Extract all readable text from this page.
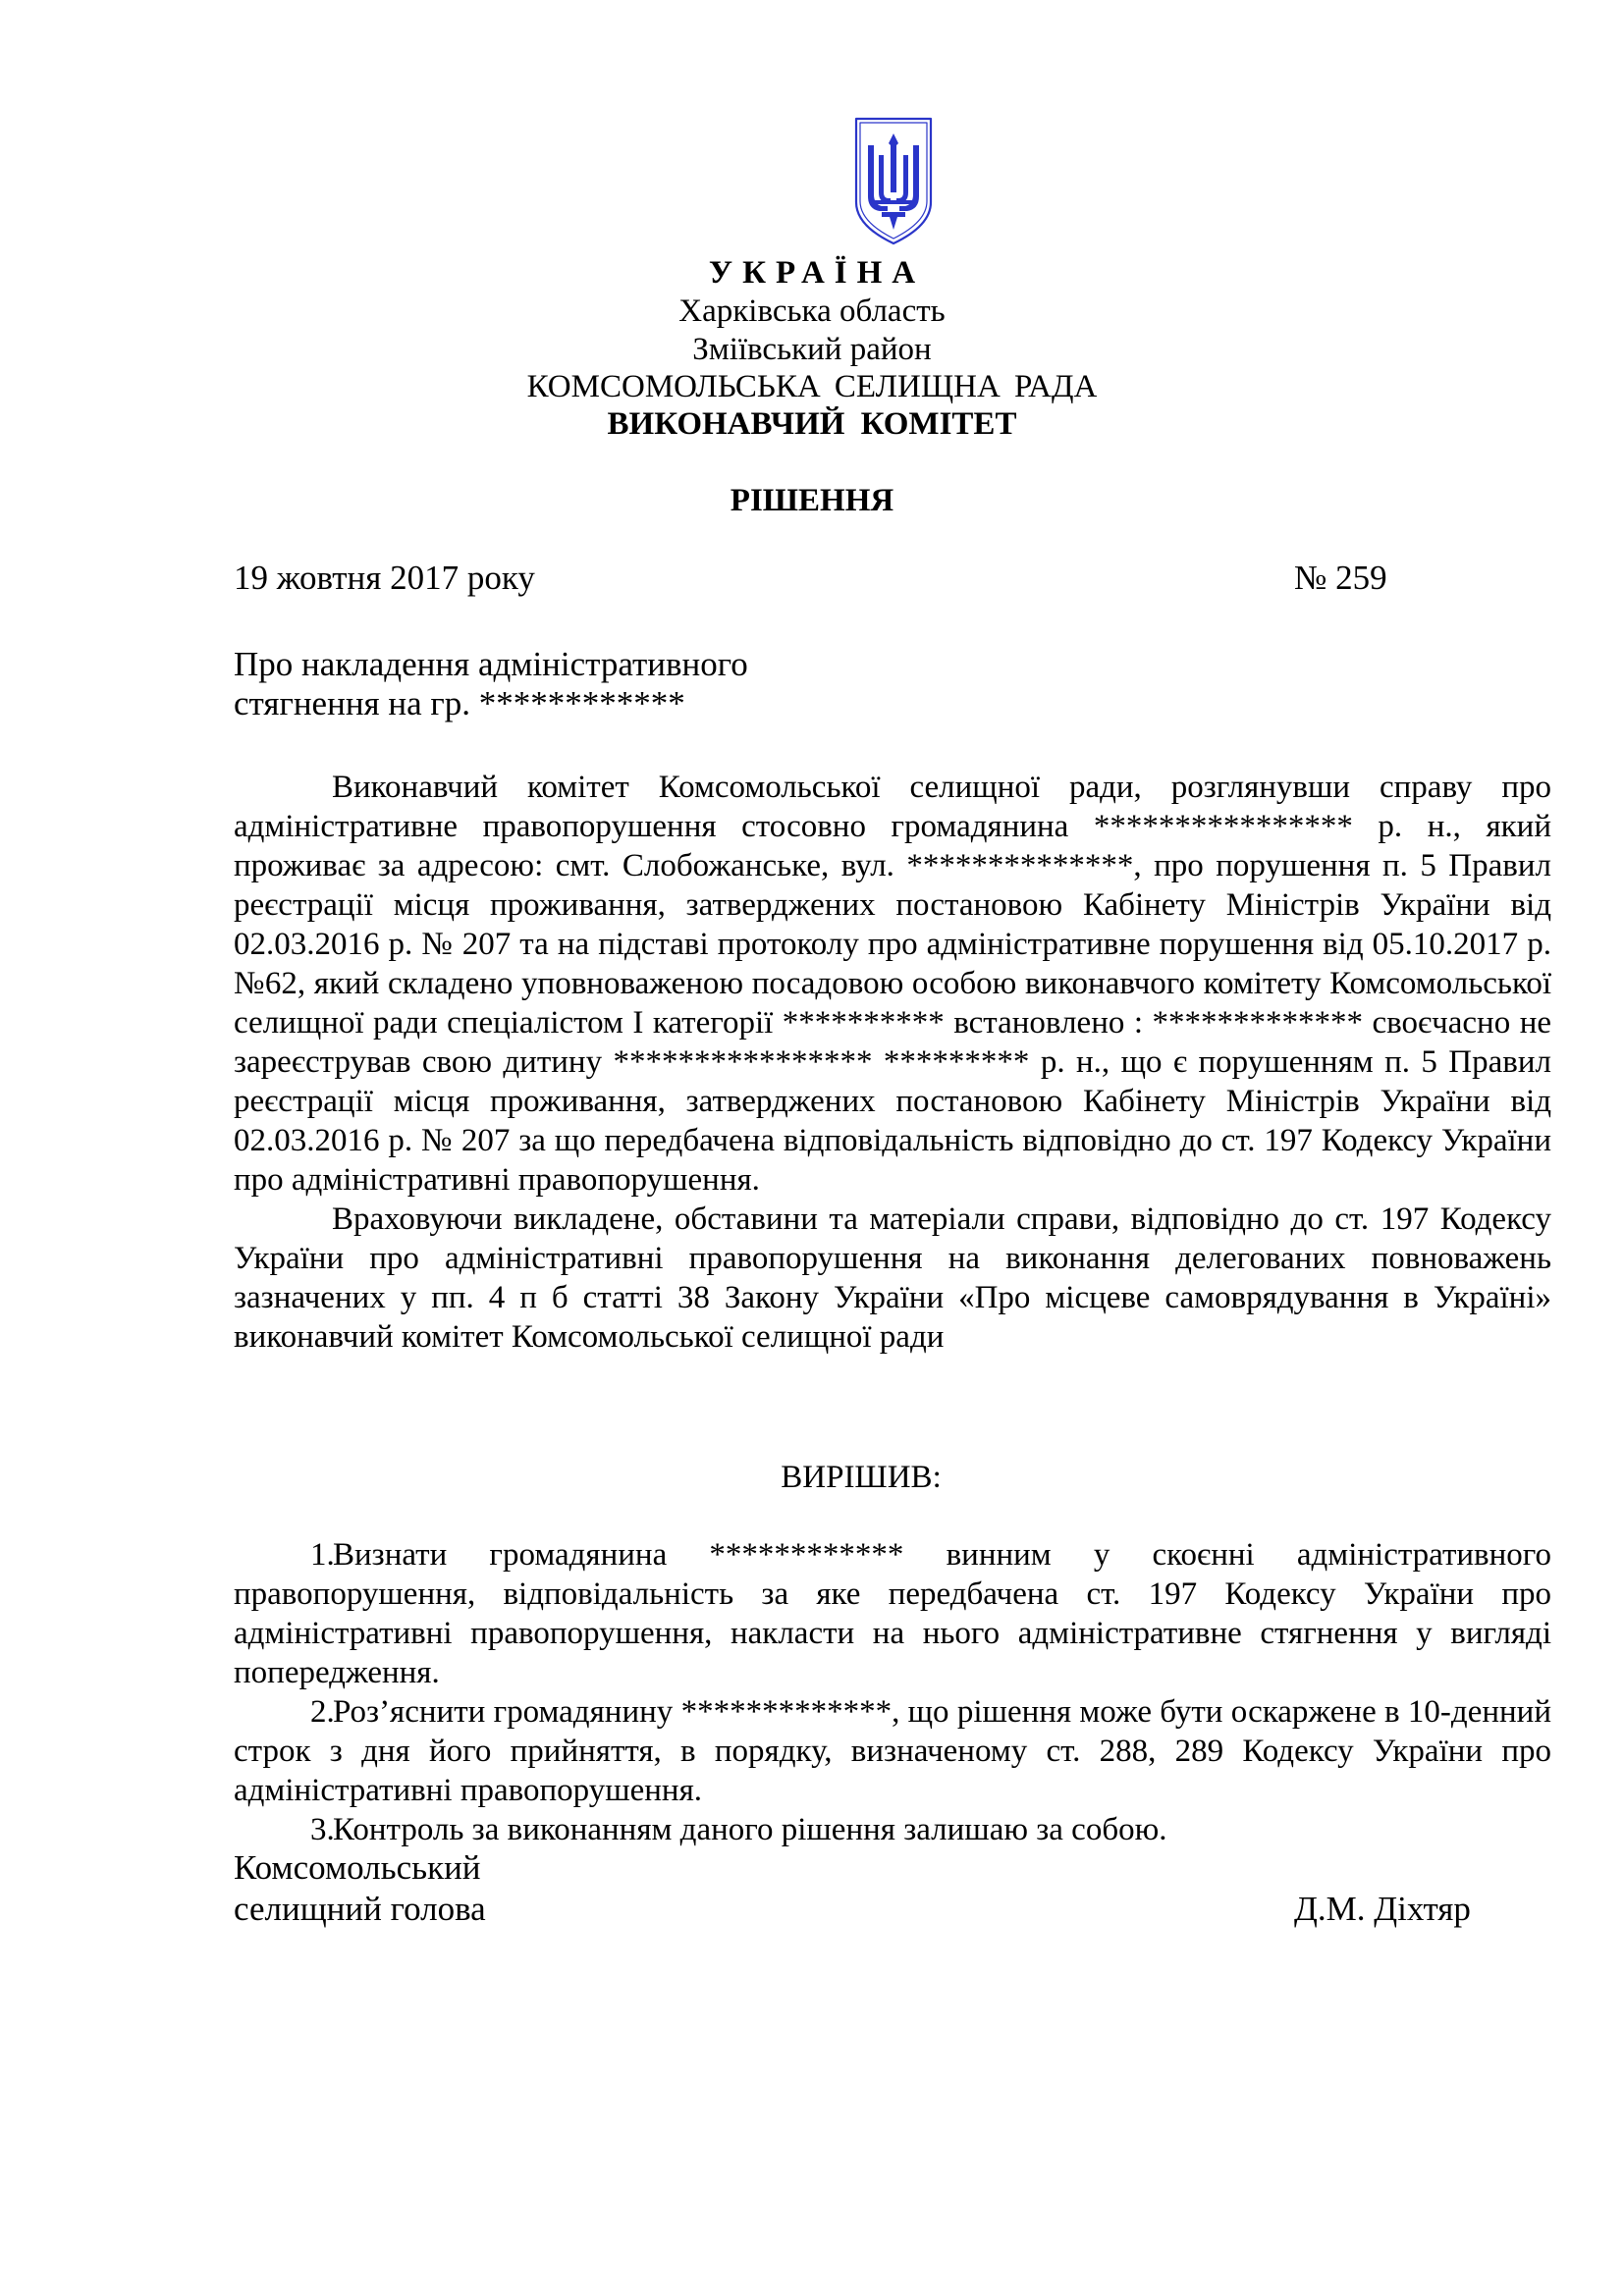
УКРАЇНА
Харківська область
Зміївський район
КОМСОМОЛЬСЬКА СЕЛИЩНА РАДА
ВИКОНАВЧИЙ КОМІТЕТ
РІШЕННЯ
19 жовтня 2017 року	№ 259
Про накладення адміністративного
стягнення на гр. ************

Виконавчий комітет Комсомольської селищної ради, розглянувши справу про адміністративне правопорушення стосовно громадянина **************** р. н., який проживає за адресою: смт. Слобожанське, вул. **************, про порушення п. 5 Правил реєстрації місця проживання, затверджених постановою Кабінету Міністрів України від 02.03.2016 р. № 207 та на підставі протоколу про адміністративне порушення від 05.10.2017 р. №62, який складено уповноваженою посадовою особою виконавчого комітету Комсомольської селищної ради спеціалістом І категорії ********** встановлено : ************* своєчасно не зареєстрував свою дитину **************** ********* р. н., що є порушенням п. 5 Правил реєстрації місця проживання, затверджених постановою Кабінету Міністрів України від 02.03.2016 р. № 207 за що передбачена відповідальність відповідно до ст. 197 Кодексу України про адміністративні правопорушення.

Враховуючи викладене, обставини та матеріали справи, відповідно до ст. 197 Кодексу України про адміністративні правопорушення на виконання делегованих повноважень зазначених у пп. 4 п б статті 38 Закону України «Про місцеве самоврядування в Україні» виконавчий комітет Комсомольської селищної ради

ВИРІШИВ:

1.Визнати громадянина ************ винним у скоєнні адміністративного правопорушення, відповідальність за яке передбачена ст. 197 Кодексу України про адміністративні правопорушення, накласти на нього адміністративне стягнення у вигляді попередження.

2.Роз’яснити громадянину *************, що рішення може бути оскаржене в 10-денний строк з дня його прийняття, в порядку, визначеному ст. 288, 289 Кодексу України про адміністративні правопорушення.

3.Контроль за виконанням даного рішення залишаю за собою.

Комсомольський
селищний голова	Д.М. Діхтяр
